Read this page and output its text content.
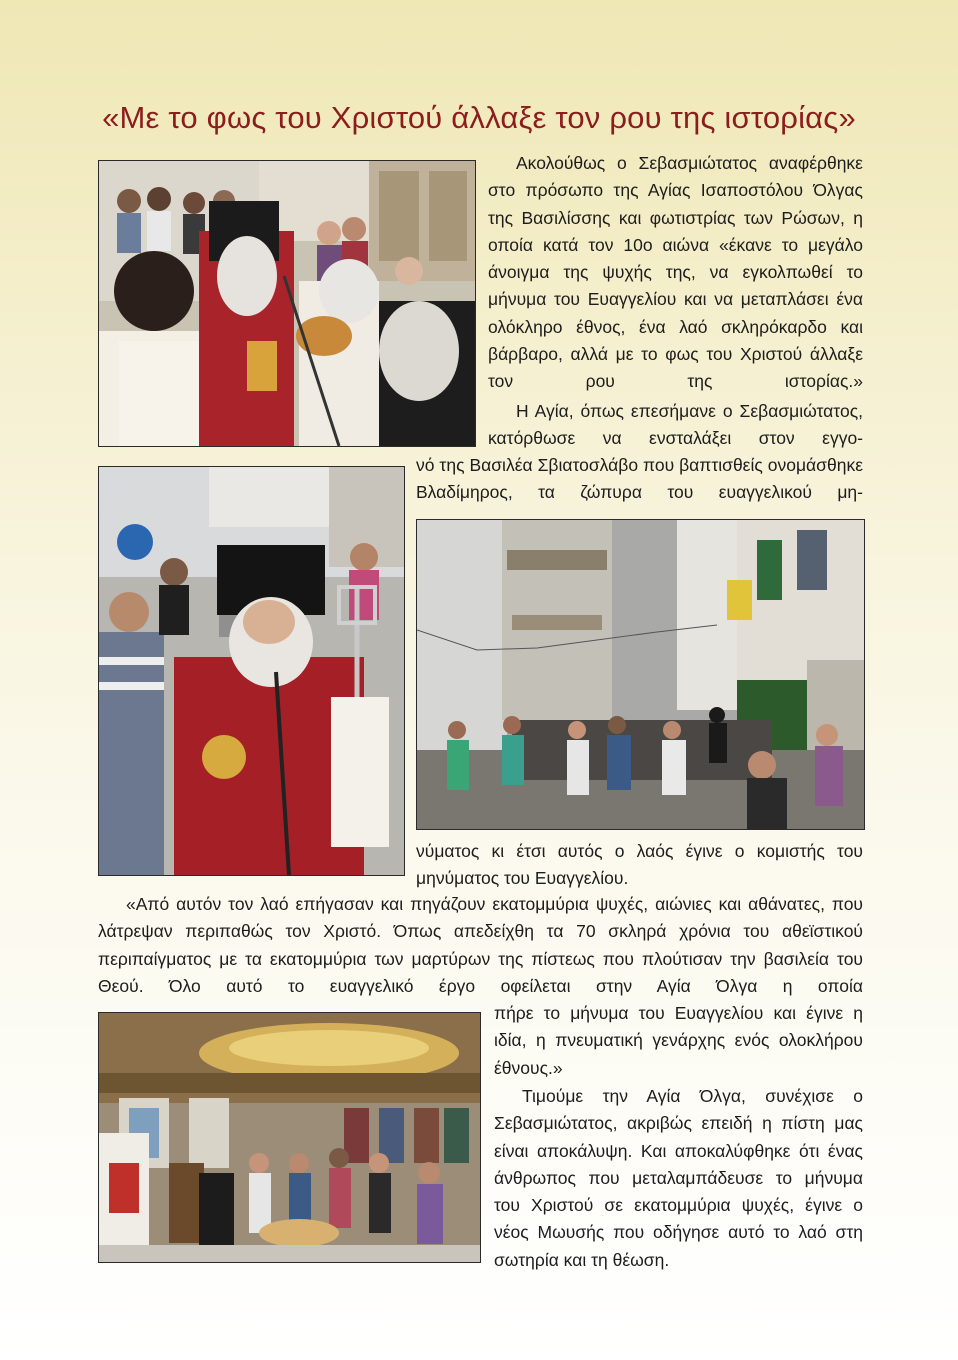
«Με το φως του Χριστού άλλαξε τον ρου της ιστορίας»
Ακολούθως ο Σεβασμιώτατος αναφέρθηκε στο πρόσωπο της Αγίας Ισαποστόλου Όλγας της Βασιλίσσης και φωτιστρίας των Ρώσων, η οποία κατά τον 10ο αιώνα «έκανε το μεγάλο άνοιγμα της ψυχής της, να εγκολπωθεί το μήνυμα του Ευαγγελίου και να μεταπλάσει ένα ολόκληρο έθνος, ένα λαό σκληρόκαρδο και βάρβαρο, αλλά με το φως του Χριστού άλλαξε τον ρου της ιστορίας.»
Η Αγία, όπως επεσήμανε ο Σεβασμιώτατος, κατόρθωσε να ενσταλάξει στον εγγο-
νό της Βασιλέα Σβιατοσλάβο που βαπτισθείς ονομάσθηκε Βλαδίμηρος, τα ζώπυρα του ευαγγελικού μη-
νύματος κι έτσι αυτός ο λαός έγινε ο κομιστής του μηνύματος του Ευαγγελίου.
«Από αυτόν τον λαό επήγασαν και πηγάζουν εκατομμύρια ψυχές, αιώνιες και αθάνατες, που λάτρεψαν περιπαθώς τον Χριστό. Όπως απεδείχθη τα 70 σκληρά χρόνια του αθεϊστικού περιπαίγματος με τα εκατομμύρια των μαρτύρων της πίστεως που πλούτισαν την βασιλεία του Θεού. Όλο αυτό το ευαγγελικό έργο οφείλεται στην Αγία Όλγα η οποία
πήρε το μήνυμα του Ευαγγελίου και έγινε η ιδία, η πνευματική γενάρχης ενός ολοκλήρου έθνους.»
Τιμούμε την Αγία Όλγα, συνέχισε ο Σεβασμιώτατος, ακριβώς επειδή η πίστη μας είναι αποκάλυψη. Και αποκαλύφθηκε ότι ένας άνθρωπος που μεταλαμπάδευσε το μήνυμα του Χριστού σε εκατομμύρια ψυχές, έγινε ο νέος Μωυσής που οδήγησε αυτό το λαό στη σωτηρία και τη θέωση.
